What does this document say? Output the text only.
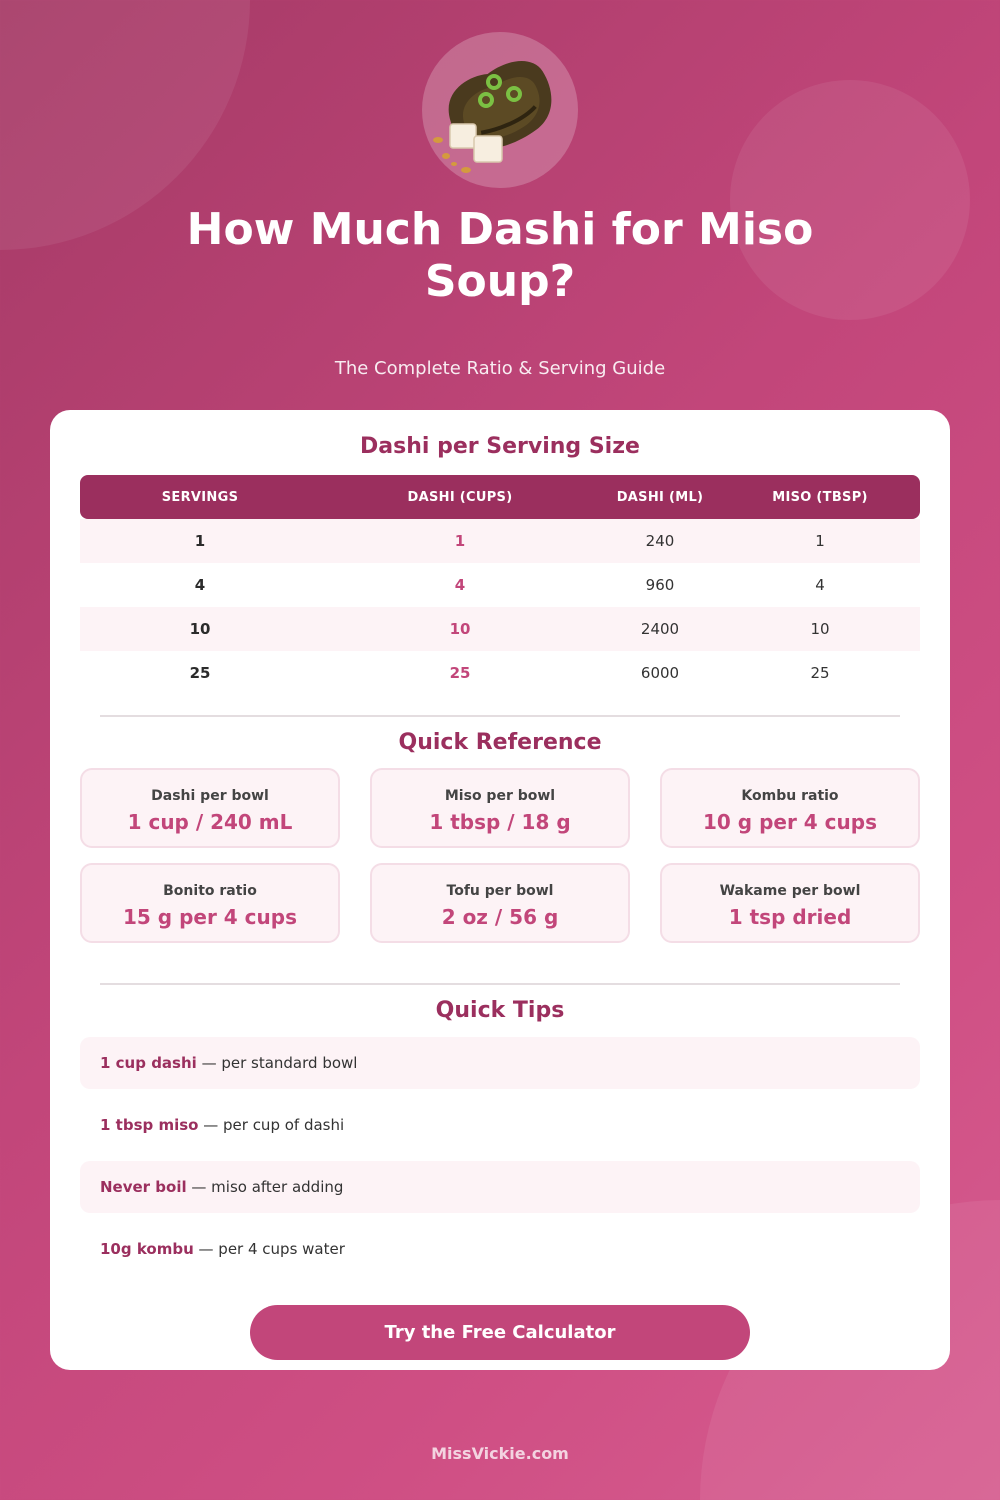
How Much Dashi for Miso Soup?
The Complete Ratio & Serving Guide
Dashi per Serving Size
SERVINGS	DASHI (CUPS)	DASHI (ML)	MISO (TBSP)
1	1	240	1
4	4	960	4
10	10	2400	10
25	25	6000	25
Quick Reference
Dashi per bowl
1 cup / 240 mL
Miso per bowl
1 tbsp / 18 g
Kombu ratio
10 g per 4 cups
Bonito ratio
15 g per 4 cups
Tofu per bowl
2 oz / 56 g
Wakame per bowl
1 tsp dried
Quick Tips
1 cup dashi — per standard bowl
1 tbsp miso — per cup of dashi
Never boil — miso after adding
10g kombu — per 4 cups water
Try the Free Calculator
MissVickie.com
